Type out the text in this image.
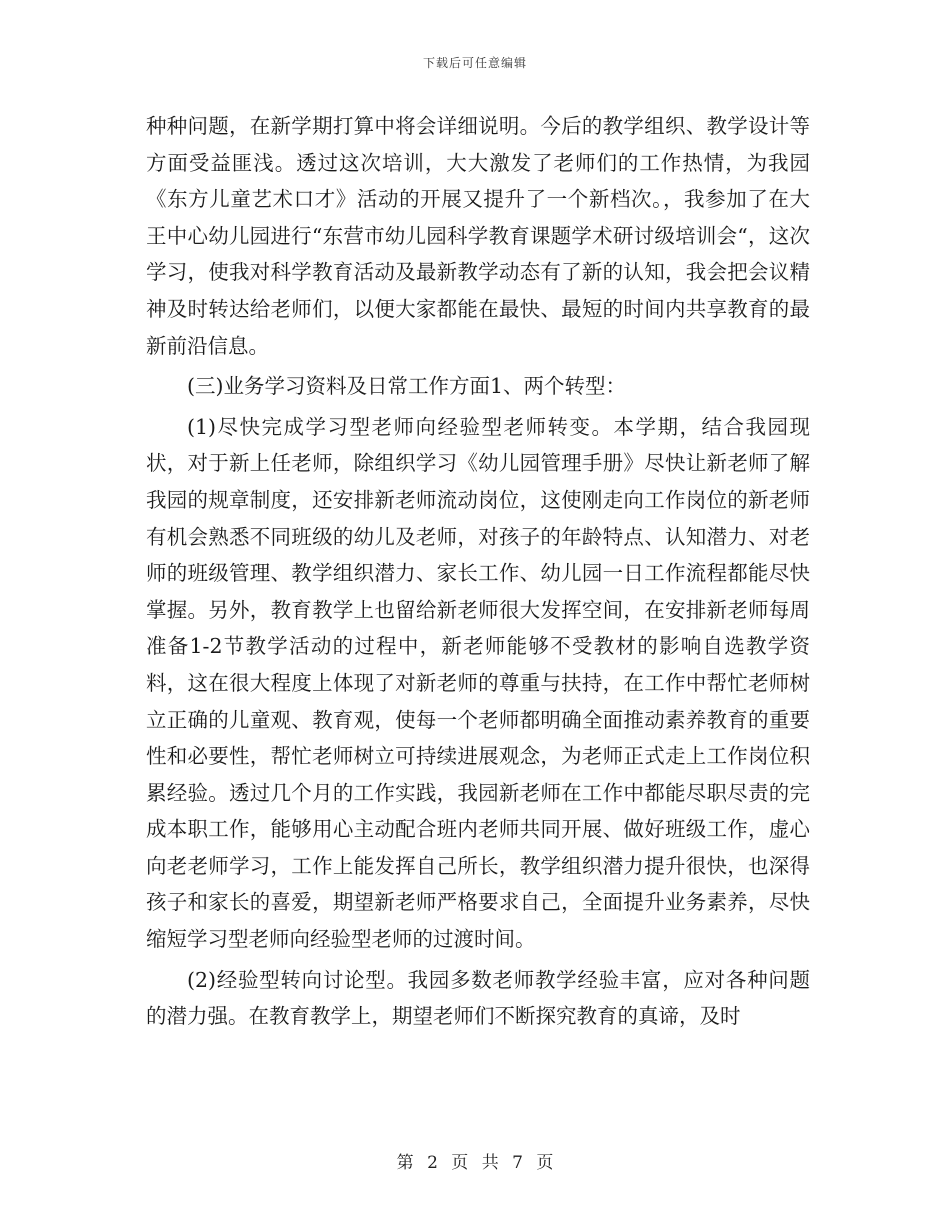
下载后可任意编辑

种种问题，在新学期打算中将会详细说明。今后的教学组织、教学设计等方面受益匪浅。透过这次培训，大大激发了老师们的工作热情，为我园《东方儿童艺术口才》活动的开展又提升了一个新档次。，我参加了在大王中心幼儿园进行“东营市幼儿园科学教育课题学术研讨级培训会“，这次学习，使我对科学教育活动及最新教学动态有了新的认知，我会把会议精神及时转达给老师们，以便大家都能在最快、最短的时间内共享教育的最新前沿信息。

(三)业务学习资料及日常工作方面1、两个转型：

(1)尽快完成学习型老师向经验型老师转变。本学期，结合我园现状，对于新上任老师，除组织学习《幼儿园管理手册》尽快让新老师了解我园的规章制度，还安排新老师流动岗位，这使刚走向工作岗位的新老师有机会熟悉不同班级的幼儿及老师，对孩子的年龄特点、认知潜力、对老师的班级管理、教学组织潜力、家长工作、幼儿园一日工作流程都能尽快掌握。另外，教育教学上也留给新老师很大发挥空间，在安排新老师每周准备1-2节教学活动的过程中，新老师能够不受教材的影响自选教学资料，这在很大程度上体现了对新老师的尊重与扶持，在工作中帮忙老师树立正确的儿童观、教育观，使每一个老师都明确全面推动素养教育的重要性和必要性，帮忙老师树立可持续进展观念，为老师正式走上工作岗位积累经验。透过几个月的工作实践，我园新老师在工作中都能尽职尽责的完成本职工作，能够用心主动配合班内老师共同开展、做好班级工作，虚心向老老师学习，工作上能发挥自己所长，教学组织潜力提升很快，也深得孩子和家长的喜爱，期望新老师严格要求自己，全面提升业务素养，尽快缩短学习型老师向经验型老师的过渡时间。

(2)经验型转向讨论型。我园多数老师教学经验丰富，应对各种问题的潜力强。在教育教学上，期望老师们不断探究教育的真谛，及时

第 2 页 共 7 页
